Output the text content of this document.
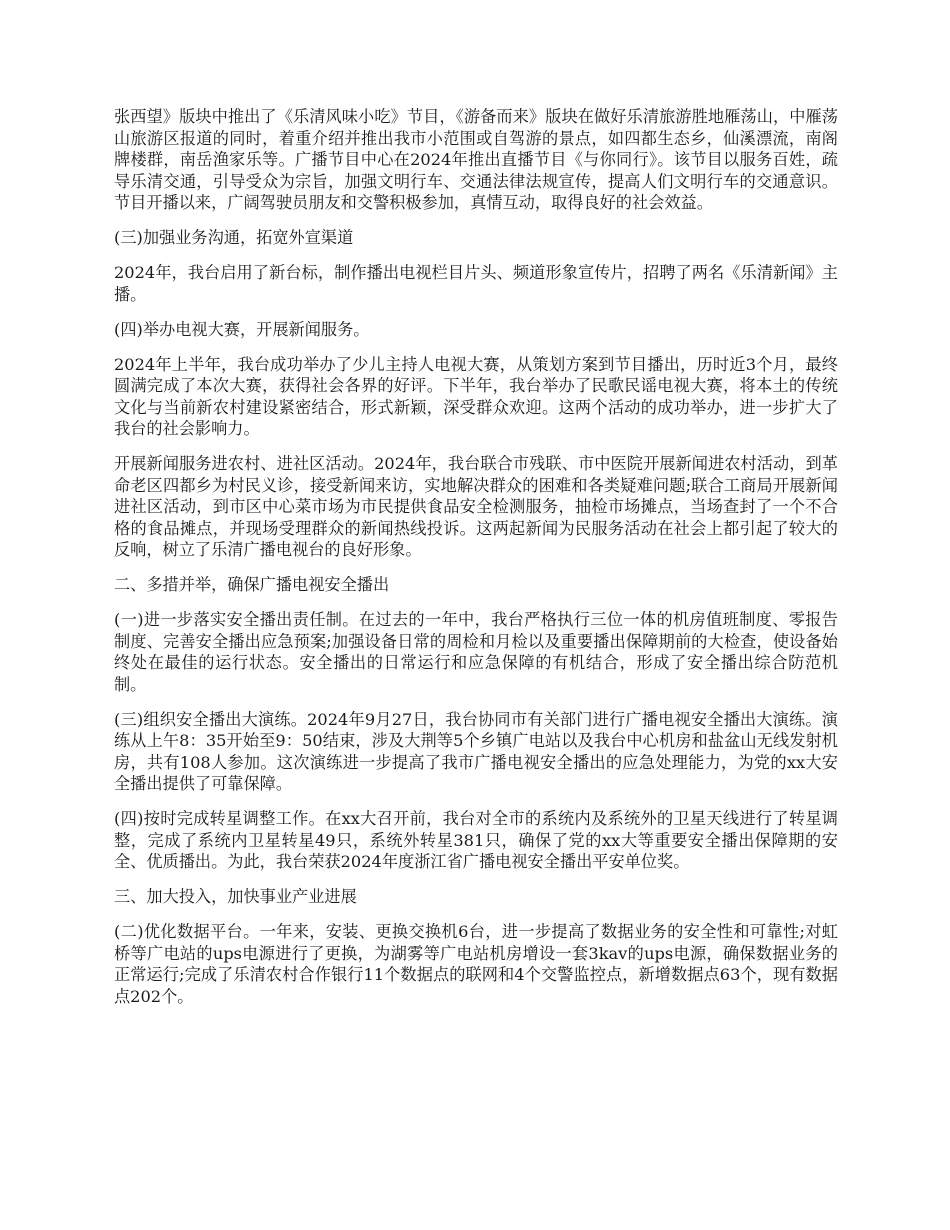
张西望》版块中推出了《乐清风味小吃》节目，《游备而来》版块在做好乐清旅游胜地雁荡山，中雁荡山旅游区报道的同时，着重介绍并推出我市小范围或自驾游的景点，如四都生态乡，仙溪漂流，南阁牌楼群，南岳渔家乐等。广播节目中心在2024年推出直播节目《与你同行》。该节目以服务百姓，疏导乐清交通，引导受众为宗旨，加强文明行车、交通法律法规宣传，提高人们文明行车的交通意识。节目开播以来，广阔驾驶员朋友和交警积极参加，真情互动，取得良好的社会效益。

(三)加强业务沟通，拓宽外宣渠道

2024年，我台启用了新台标，制作播出电视栏目片头、频道形象宣传片，招聘了两名《乐清新闻》主播。

(四)举办电视大赛，开展新闻服务。

2024年上半年，我台成功举办了少儿主持人电视大赛，从策划方案到节目播出，历时近3个月，最终圆满完成了本次大赛，获得社会各界的好评。下半年，我台举办了民歌民谣电视大赛，将本土的传统文化与当前新农村建设紧密结合，形式新颖，深受群众欢迎。这两个活动的成功举办，进一步扩大了我台的社会影响力。

开展新闻服务进农村、进社区活动。2024年，我台联合市残联、市中医院开展新闻进农村活动，到革命老区四都乡为村民义诊，接受新闻来访，实地解决群众的困难和各类疑难问题;联合工商局开展新闻进社区活动，到市区中心菜市场为市民提供食品安全检测服务，抽检市场摊点，当场查封了一个不合格的食品摊点，并现场受理群众的新闻热线投诉。这两起新闻为民服务活动在社会上都引起了较大的反响，树立了乐清广播电视台的良好形象。

二、多措并举，确保广播电视安全播出

(一)进一步落实安全播出责任制。在过去的一年中，我台严格执行三位一体的机房值班制度、零报告制度、完善安全播出应急预案;加强设备日常的周检和月检以及重要播出保障期前的大检查，使设备始终处在最佳的运行状态。安全播出的日常运行和应急保障的有机结合，形成了安全播出综合防范机制。

(三)组织安全播出大演练。2024年9月27日，我台协同市有关部门进行广播电视安全播出大演练。演练从上午8：35开始至9：50结束，涉及大荆等5个乡镇广电站以及我台中心机房和盐盆山无线发射机房，共有108人参加。这次演练进一步提高了我市广播电视安全播出的应急处理能力，为党的xx大安全播出提供了可靠保障。

(四)按时完成转星调整工作。在xx大召开前，我台对全市的系统内及系统外的卫星天线进行了转星调整，完成了系统内卫星转星49只，系统外转星381只，确保了党的xx大等重要安全播出保障期的安全、优质播出。为此，我台荣获2024年度浙江省广播电视安全播出平安单位奖。

三、加大投入，加快事业产业进展

(二)优化数据平台。一年来，安装、更换交换机6台，进一步提高了数据业务的安全性和可靠性;对虹桥等广电站的ups电源进行了更换，为湖雾等广电站机房增设一套3kav的ups电源，确保数据业务的正常运行;完成了乐清农村合作银行11个数据点的联网和4个交警监控点，新增数据点63个，现有数据点202个。
